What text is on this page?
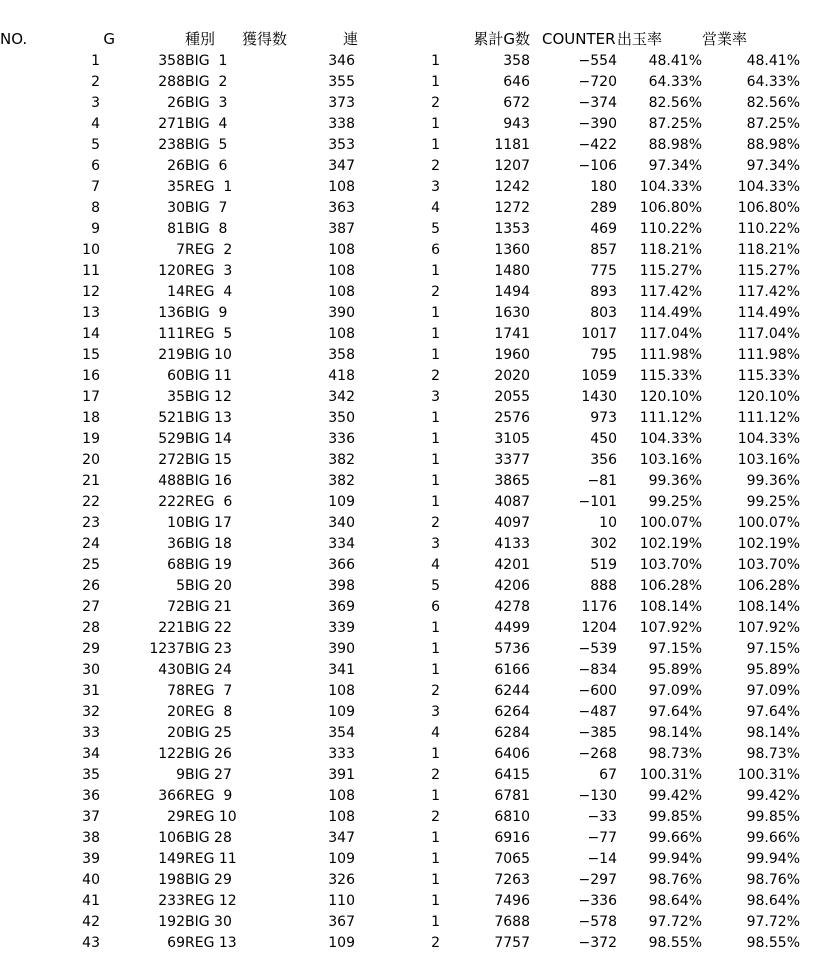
NO.	G	種別	獲得数	連	累計G数	COUNTER	出玉率	営業率
1	358	BIG  1	346	1	358	−554	48.41%	48.41%
2	288	BIG  2	355	1	646	−720	64.33%	64.33%
3	26	BIG  3	373	2	672	−374	82.56%	82.56%
4	271	BIG  4	338	1	943	−390	87.25%	87.25%
5	238	BIG  5	353	1	1181	−422	88.98%	88.98%
6	26	BIG  6	347	2	1207	−106	97.34%	97.34%
7	35	REG  1	108	3	1242	180	104.33%	104.33%
8	30	BIG  7	363	4	1272	289	106.80%	106.80%
9	81	BIG  8	387	5	1353	469	110.22%	110.22%
10	7	REG  2	108	6	1360	857	118.21%	118.21%
11	120	REG  3	108	1	1480	775	115.27%	115.27%
12	14	REG  4	108	2	1494	893	117.42%	117.42%
13	136	BIG  9	390	1	1630	803	114.49%	114.49%
14	111	REG  5	108	1	1741	1017	117.04%	117.04%
15	219	BIG 10	358	1	1960	795	111.98%	111.98%
16	60	BIG 11	418	2	2020	1059	115.33%	115.33%
17	35	BIG 12	342	3	2055	1430	120.10%	120.10%
18	521	BIG 13	350	1	2576	973	111.12%	111.12%
19	529	BIG 14	336	1	3105	450	104.33%	104.33%
20	272	BIG 15	382	1	3377	356	103.16%	103.16%
21	488	BIG 16	382	1	3865	−81	99.36%	99.36%
22	222	REG  6	109	1	4087	−101	99.25%	99.25%
23	10	BIG 17	340	2	4097	10	100.07%	100.07%
24	36	BIG 18	334	3	4133	302	102.19%	102.19%
25	68	BIG 19	366	4	4201	519	103.70%	103.70%
26	5	BIG 20	398	5	4206	888	106.28%	106.28%
27	72	BIG 21	369	6	4278	1176	108.14%	108.14%
28	221	BIG 22	339	1	4499	1204	107.92%	107.92%
29	1237	BIG 23	390	1	5736	−539	97.15%	97.15%
30	430	BIG 24	341	1	6166	−834	95.89%	95.89%
31	78	REG  7	108	2	6244	−600	97.09%	97.09%
32	20	REG  8	109	3	6264	−487	97.64%	97.64%
33	20	BIG 25	354	4	6284	−385	98.14%	98.14%
34	122	BIG 26	333	1	6406	−268	98.73%	98.73%
35	9	BIG 27	391	2	6415	67	100.31%	100.31%
36	366	REG  9	108	1	6781	−130	99.42%	99.42%
37	29	REG 10	108	2	6810	−33	99.85%	99.85%
38	106	BIG 28	347	1	6916	−77	99.66%	99.66%
39	149	REG 11	109	1	7065	−14	99.94%	99.94%
40	198	BIG 29	326	1	7263	−297	98.76%	98.76%
41	233	REG 12	110	1	7496	−336	98.64%	98.64%
42	192	BIG 30	367	1	7688	−578	97.72%	97.72%
43	69	REG 13	109	2	7757	−372	98.55%	98.55%
